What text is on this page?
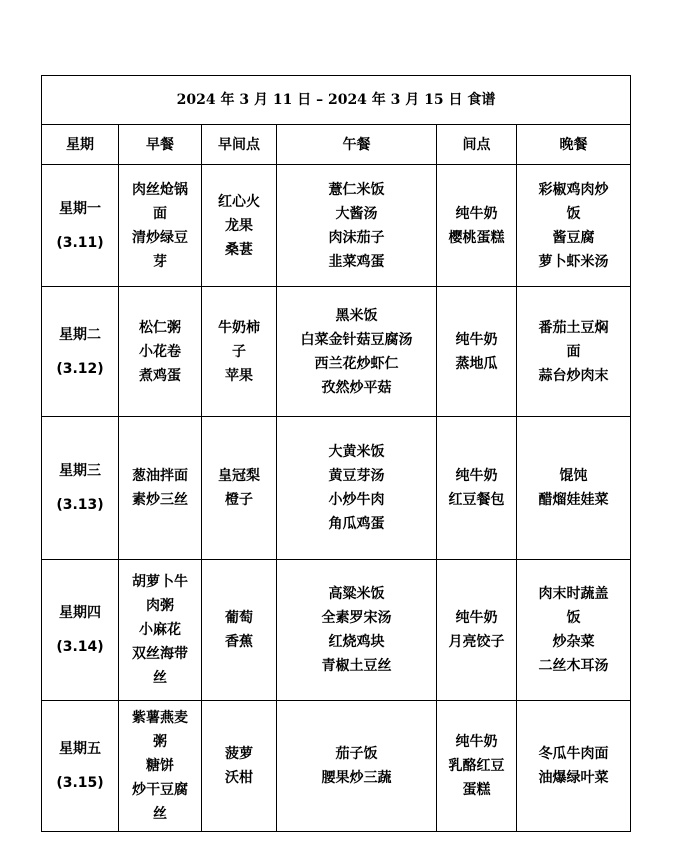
2024 年 3 月 11 日 – 2024 年 3 月 15 日 食谱					
星期	早餐	早间点	午餐	间点	晚餐

星期一
(3.11)	肉丝炝锅
面
清炒绿豆
芽	红心火
龙果
桑葚	薏仁米饭
大酱汤
肉沫茄子
韭菜鸡蛋	纯牛奶
樱桃蛋糕	彩椒鸡肉炒
饭
酱豆腐
萝卜虾米汤

星期二
(3.12)	松仁粥
小花卷
煮鸡蛋	牛奶柿
子
苹果	黑米饭
白菜金针菇豆腐汤
西兰花炒虾仁
孜然炒平菇	纯牛奶
蒸地瓜	番茄土豆焖
面
蒜台炒肉末

星期三
(3.13)	葱油拌面
素炒三丝	皇冠梨
橙子	大黄米饭
黄豆芽汤
小炒牛肉
角瓜鸡蛋	纯牛奶
红豆餐包	馄饨
醋熘娃娃菜

星期四
(3.14)	胡萝卜牛
肉粥
小麻花
双丝海带
丝	葡萄
香蕉	高粱米饭
全素罗宋汤
红烧鸡块
青椒土豆丝	纯牛奶
月亮饺子	肉末时蔬盖
饭
炒杂菜
二丝木耳汤

星期五
(3.15)	紫薯燕麦
粥
糖饼
炒干豆腐
丝	菠萝
沃柑	茄子饭
腰果炒三蔬	纯牛奶
乳酪红豆
蛋糕	冬瓜牛肉面
油爆绿叶菜
